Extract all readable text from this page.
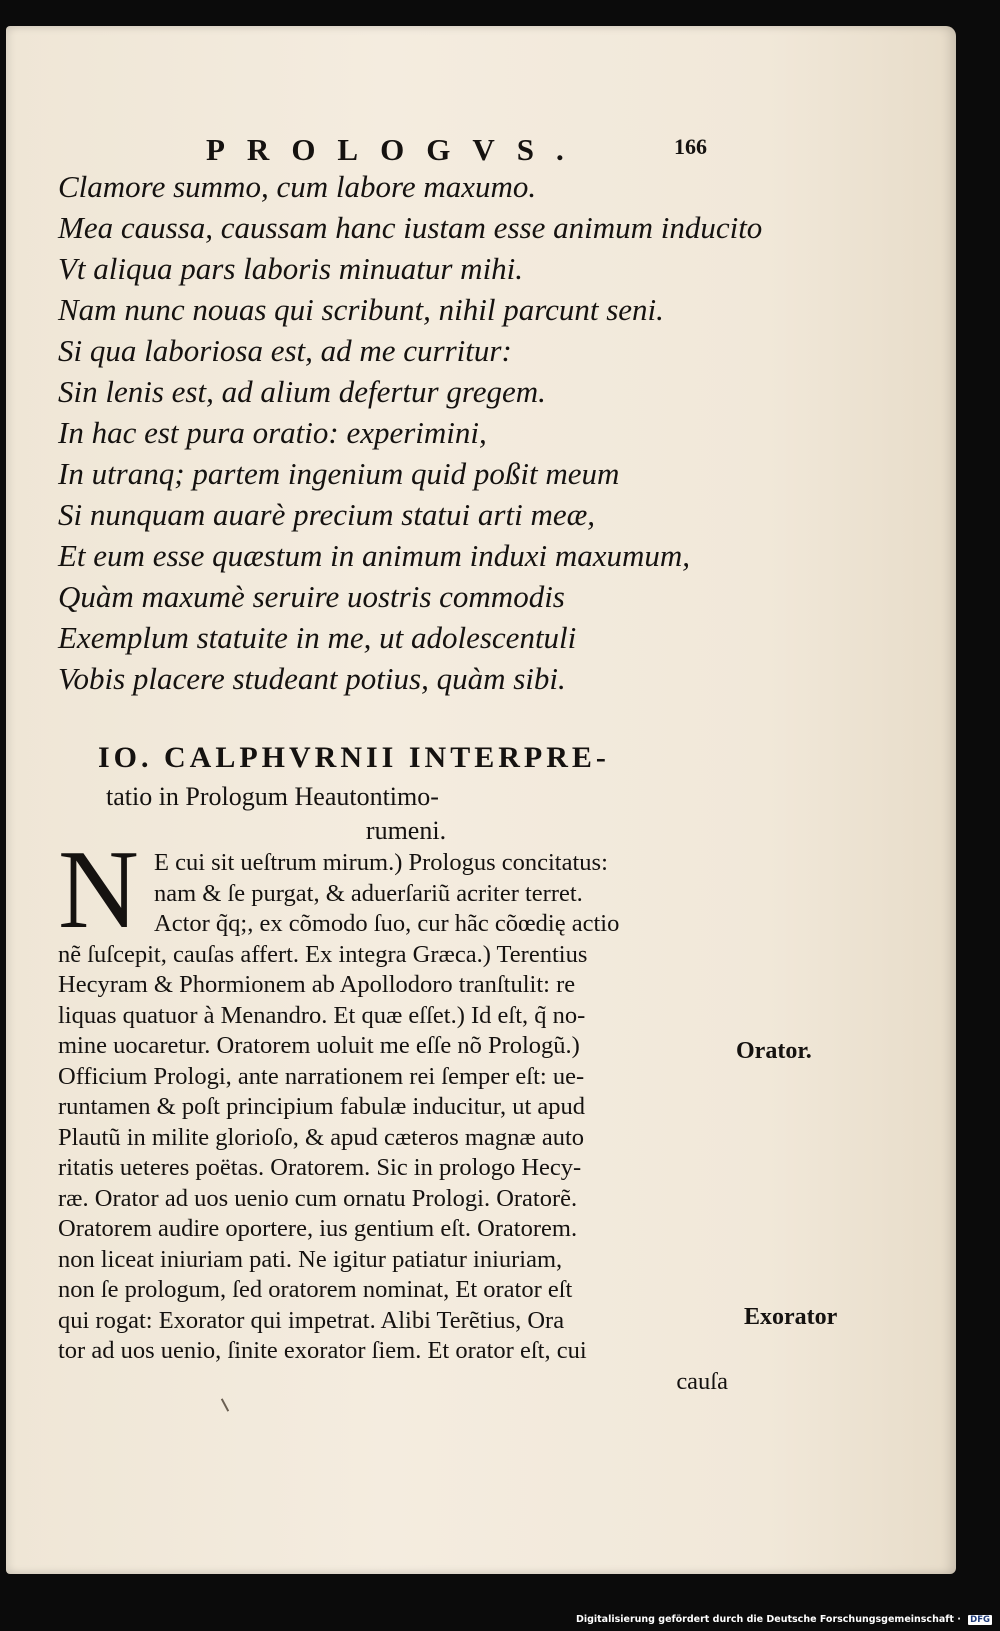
PROLOGVS.	166
Clamore summo, cum labore maxumo.
Mea caussa, caussam hanc iustam esse animum inducito
Vt aliqua pars laboris minuatur mihi.
Nam nunc nouas qui scribunt, nihil parcunt seni.
Si qua laboriosa est, ad me curritur:
Sin lenis est, ad alium defertur gregem.
In hac est pura oratio: experimini,
In utranq; partem ingenium quid poßit meum
Si nunquam auarè precium statui arti meæ,
Et eum esse quæstum in animum induxi maxumum,
Quàm maxumè seruire uostris commodis
Exemplum statuite in me, ut adolescentuli
Vobis placere studeant potius, quàm sibi.
IO. CALPHVRNII INTERPRE-
tatio in Prologum Heautontimo-
rumeni.
N E cui sit ueſtrum mirum.) Prologus concitatus:
nam & ſe purgat, & aduerſariũ acriter terret.
Actor q̃q;, ex cõmodo ſuo, cur hãc cõœdię actio
nẽ ſuſcepit, cauſas affert. Ex integra Græca.) Terentius
Hecyram & Phormionem ab Apollodoro tranſtulit: re
liquas quatuor à Menandro. Et quæ eſſet.) Id eſt, q̃ no-
mine uocaretur. Oratorem uoluit me eſſe nõ Prologũ.)
Officium Prologi, ante narrationem rei ſemper eſt: ue-
runtamen & poſt principium fabulæ inducitur, ut apud
Plautũ in milite glorioſo, & apud cæteros magnæ auto
ritatis ueteres poëtas. Oratorem. Sic in prologo Hecy-
ræ. Orator ad uos uenio cum ornatu Prologi. Oratorẽ.
Oratorem audire oportere, ius gentium eſt. Oratorem.
non liceat iniuriam pati. Ne igitur patiatur iniuriam,
non ſe prologum, ſed oratorem nominat, Et orator eſt
qui rogat: Exorator qui impetrat. Alibi Terẽtius, Ora
tor ad uos uenio, ſinite exorator ſiem. Et orator eſt, cui
cauſa
Orator.
Exorator
Digitalisierung gefördert durch die Deutsche Forschungsgemeinschaft · DFG
